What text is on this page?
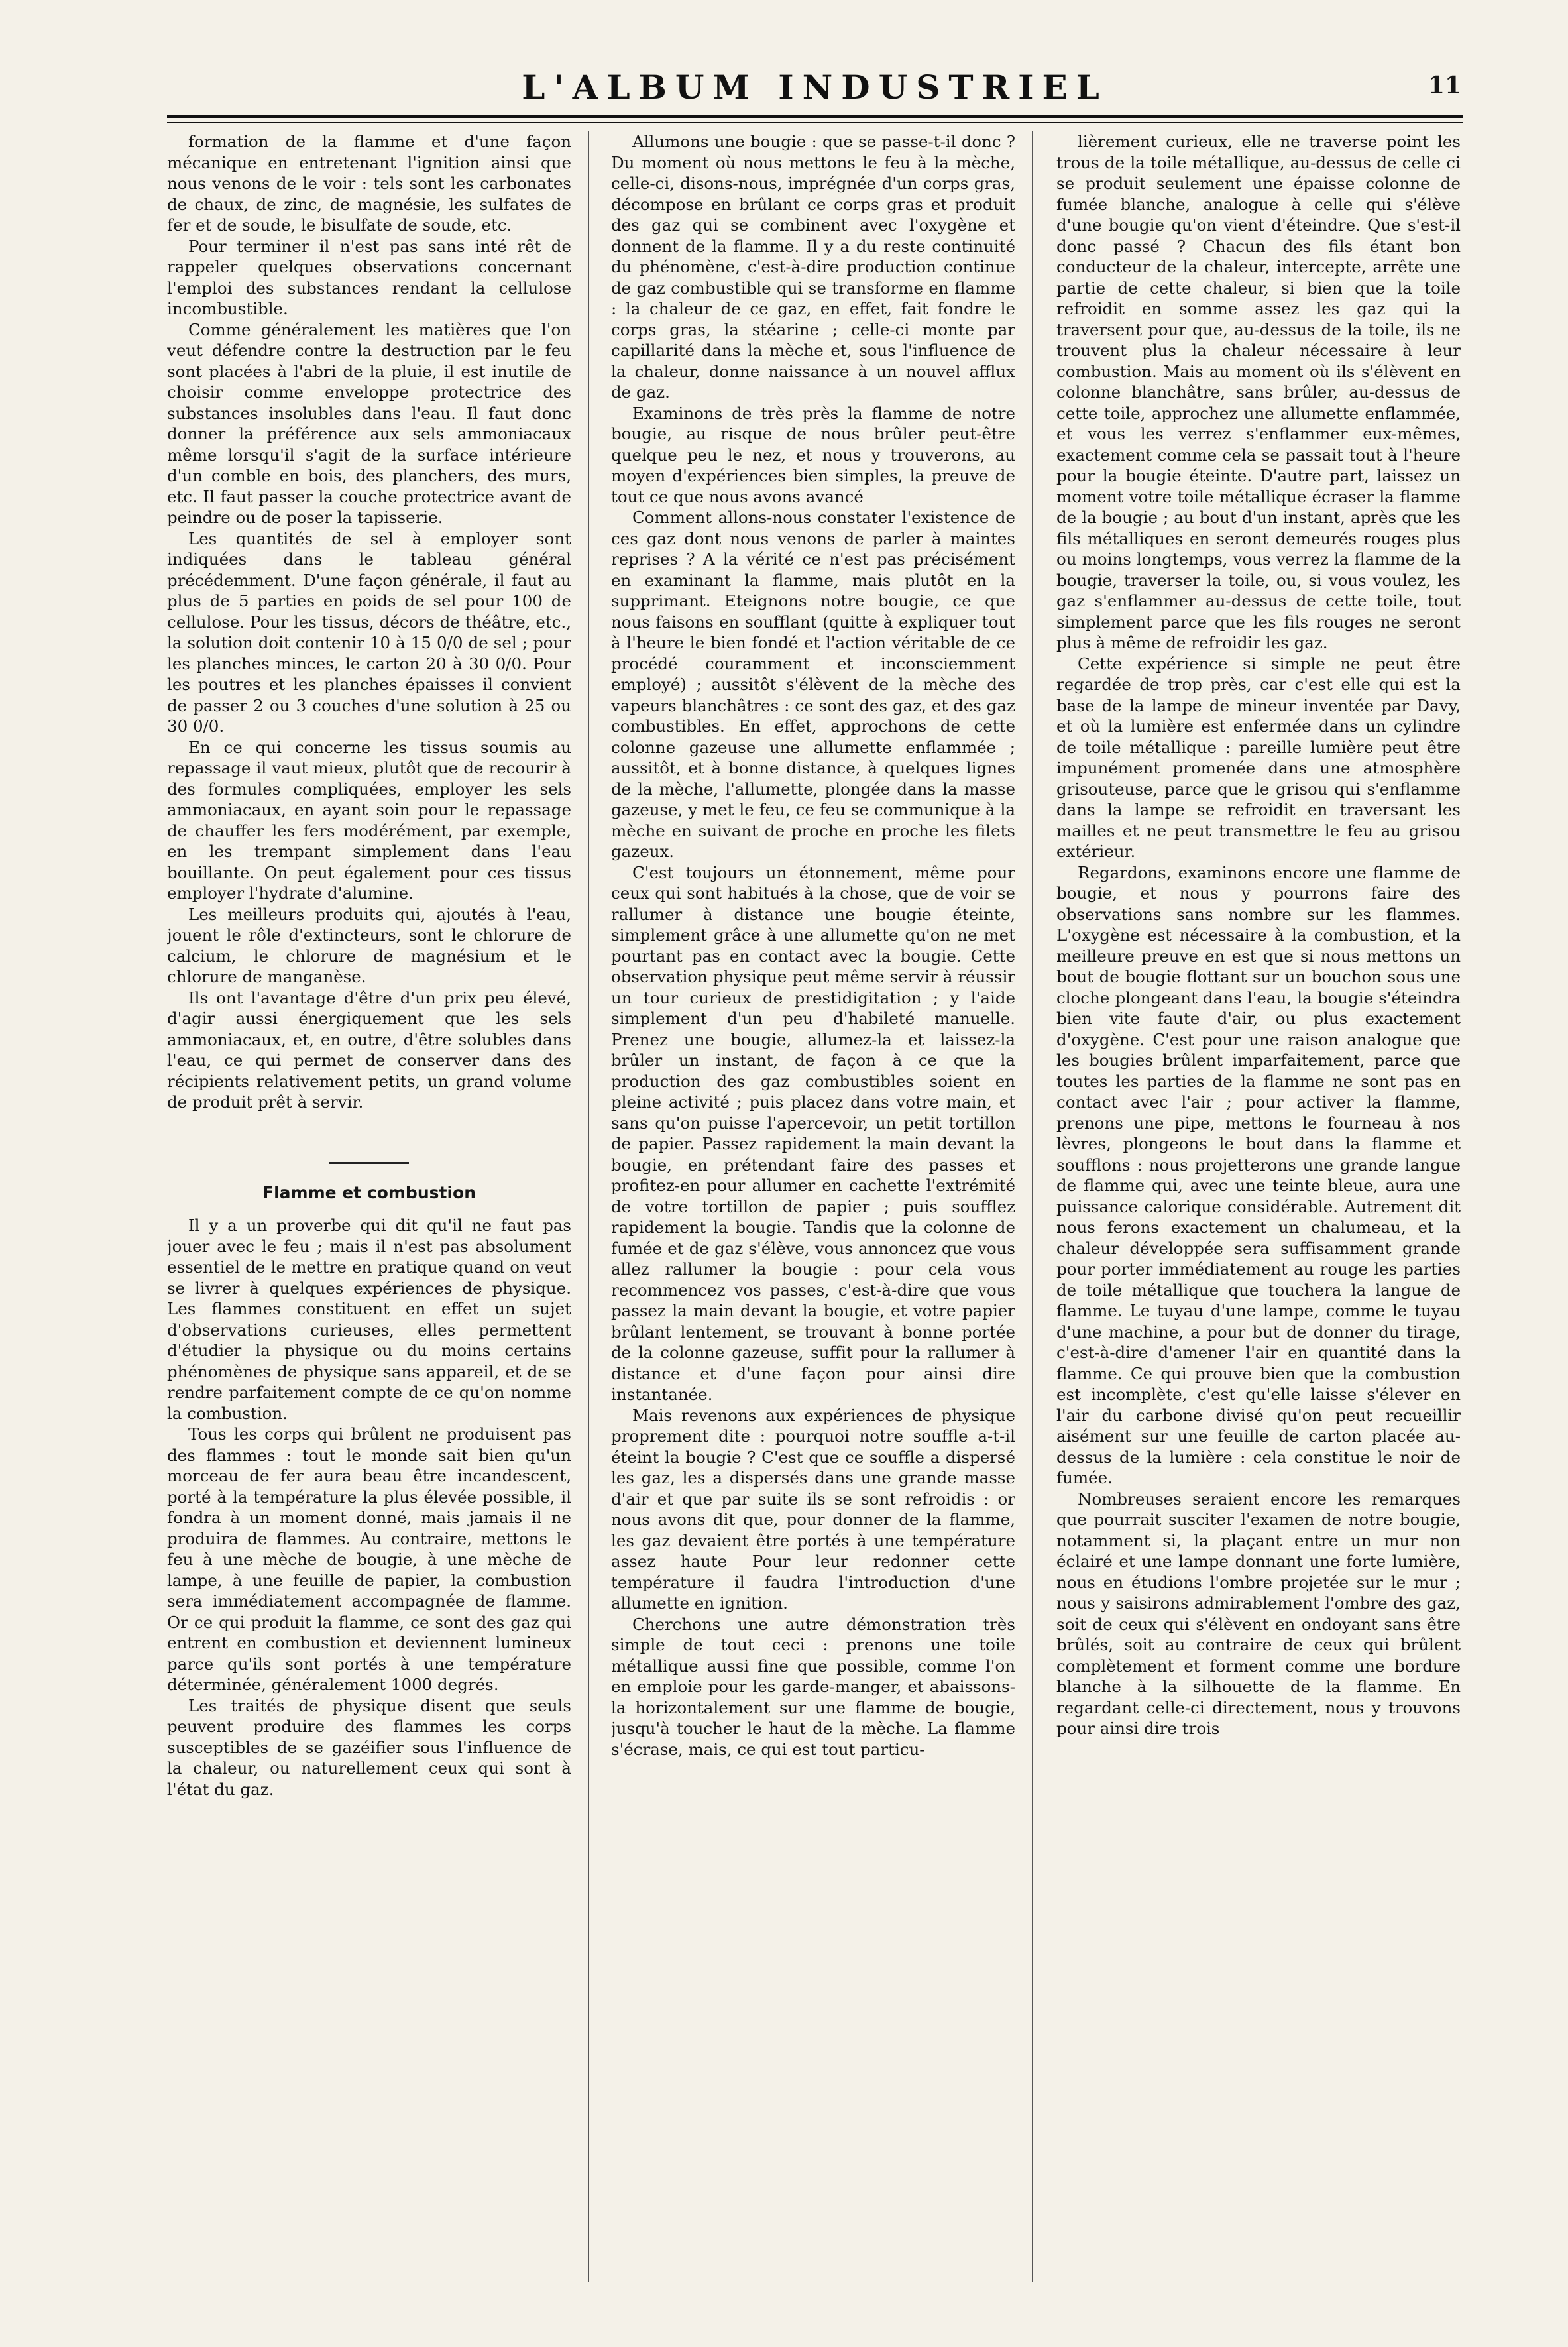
L'ALBUM INDUSTRIEL	11

formation de la flamme et d'une façon mécanique en entretenant l'ignition ainsi que nous venons de le voir : tels sont les carbonates de chaux, de zinc, de magnésie, les sulfates de fer et de soude, le bisulfate de soude, etc.

Pour terminer il n'est pas sans inté rêt de rappeler quelques observations concernant l'emploi des substances rendant la cellulose incombustible.

Comme généralement les matières que l'on veut défendre contre la destruction par le feu sont placées à l'abri de la pluie, il est inutile de choisir comme enveloppe protectrice des substances insolubles dans l'eau. Il faut donc donner la préférence aux sels ammoniacaux même lorsqu'il s'agit de la surface intérieure d'un comble en bois, des planchers, des murs, etc. Il faut passer la couche protectrice avant de peindre ou de poser la tapisserie.

Les quantités de sel à employer sont indiquées dans le tableau général précédemment. D'une façon générale, il faut au plus de 5 parties en poids de sel pour 100 de cellulose. Pour les tissus, décors de théâtre, etc., la solution doit contenir 10 à 15 0/0 de sel ; pour les planches minces, le carton 20 à 30 0/0. Pour les poutres et les planches épaisses il convient de passer 2 ou 3 couches d'une solution à 25 ou 30 0/0.

En ce qui concerne les tissus soumis au repassage il vaut mieux, plutôt que de recourir à des formules compliquées, employer les sels ammoniacaux, en ayant soin pour le repassage de chauffer les fers modérément, par exemple, en les trempant simplement dans l'eau bouillante. On peut également pour ces tissus employer l'hydrate d'alumine.

Les meilleurs produits qui, ajoutés à l'eau, jouent le rôle d'extincteurs, sont le chlorure de calcium, le chlorure de magnésium et le chlorure de manganèse.

Ils ont l'avantage d'être d'un prix peu élevé, d'agir aussi énergiquement que les sels ammoniacaux, et, en outre, d'être solubles dans l'eau, ce qui permet de conserver dans des récipients relativement petits, un grand volume de produit prêt à servir.

Flamme et combustion

Il y a un proverbe qui dit qu'il ne faut pas jouer avec le feu ; mais il n'est pas absolument essentiel de le mettre en pratique quand on veut se livrer à quelques expériences de physique. Les flammes constituent en effet un sujet d'observations curieuses, elles permettent d'étudier la physique ou du moins certains phénomènes de physique sans appareil, et de se rendre parfaitement compte de ce qu'on nomme la combustion.

Tous les corps qui brûlent ne produisent pas des flammes : tout le monde sait bien qu'un morceau de fer aura beau être incandescent, porté à la température la plus élevée possible, il fondra à un moment donné, mais jamais il ne produira de flammes. Au contraire, mettons le feu à une mèche de bougie, à une mèche de lampe, à une feuille de papier, la combustion sera immédiatement accompagnée de flamme. Or ce qui produit la flamme, ce sont des gaz qui entrent en combustion et deviennent lumineux parce qu'ils sont portés à une température déterminée, généralement 1000 degrés.

Les traités de physique disent que seuls peuvent produire des flammes les corps susceptibles de se gazéifier sous l'influence de la chaleur, ou naturellement ceux qui sont à l'état du gaz.

Allumons une bougie : que se passe-t-il donc ? Du moment où nous mettons le feu à la mèche, celle-ci, disons-nous, imprégnée d'un corps gras, décompose en brûlant ce corps gras et produit des gaz qui se combinent avec l'oxygène et donnent de la flamme. Il y a du reste continuité du phénomène, c'est-à-dire production continue de gaz combustible qui se transforme en flamme : la chaleur de ce gaz, en effet, fait fondre le corps gras, la stéarine ; celle-ci monte par capillarité dans la mèche et, sous l'influence de la chaleur, donne naissance à un nouvel afflux de gaz.

Examinons de très près la flamme de notre bougie, au risque de nous brûler peut-être quelque peu le nez, et nous y trouverons, au moyen d'expériences bien simples, la preuve de tout ce que nous avons avancé

Comment allons-nous constater l'existence de ces gaz dont nous venons de parler à maintes reprises ? A la vérité ce n'est pas précisément en examinant la flamme, mais plutôt en la supprimant. Eteignons notre bougie, ce que nous faisons en soufflant (quitte à expliquer tout à l'heure le bien fondé et l'action véritable de ce procédé couramment et inconsciemment employé) ; aussitôt s'élèvent de la mèche des vapeurs blanchâtres : ce sont des gaz, et des gaz combustibles. En effet, approchons de cette colonne gazeuse une allumette enflammée ; aussitôt, et à bonne distance, à quelques lignes de la mèche, l'allumette, plongée dans la masse gazeuse, y met le feu, ce feu se communique à la mèche en suivant de proche en proche les filets gazeux.

C'est toujours un étonnement, même pour ceux qui sont habitués à la chose, que de voir se rallumer à distance une bougie éteinte, simplement grâce à une allumette qu'on ne met pourtant pas en contact avec la bougie. Cette observation physique peut même servir à réussir un tour curieux de prestidigitation ; y l'aide simplement d'un peu d'habileté manuelle. Prenez une bougie, allumez-la et laissez-la brûler un instant, de façon à ce que la production des gaz combustibles soient en pleine activité ; puis placez dans votre main, et sans qu'on puisse l'apercevoir, un petit tortillon de papier. Passez rapidement la main devant la bougie, en prétendant faire des passes et profitez-en pour allumer en cachette l'extrémité de votre tortillon de papier ; puis soufflez rapidement la bougie. Tandis que la colonne de fumée et de gaz s'élève, vous annoncez que vous allez rallumer la bougie : pour cela vous recommencez vos passes, c'est-à-dire que vous passez la main devant la bougie, et votre papier brûlant lentement, se trouvant à bonne portée de la colonne gazeuse, suffit pour la rallumer à distance et d'une façon pour ainsi dire instantanée.

Mais revenons aux expériences de physique proprement dite : pourquoi notre souffle a-t-il éteint la bougie ? C'est que ce souffle a dispersé les gaz, les a dispersés dans une grande masse d'air et que par suite ils se sont refroidis : or nous avons dit que, pour donner de la flamme, les gaz devaient être portés à une température assez haute Pour leur redonner cette température il faudra l'introduction d'une allumette en ignition.

Cherchons une autre démonstration très simple de tout ceci : prenons une toile métallique aussi fine que possible, comme l'on en emploie pour les garde-manger, et abaissons-la horizontalement sur une flamme de bougie, jusqu'à toucher le haut de la mèche. La flamme s'écrase, mais, ce qui est tout particu-

lièrement curieux, elle ne traverse point les trous de la toile métallique, au-dessus de celle ci se produit seulement une épaisse colonne de fumée blanche, analogue à celle qui s'élève d'une bougie qu'on vient d'éteindre. Que s'est-il donc passé ? Chacun des fils étant bon conducteur de la chaleur, intercepte, arrête une partie de cette chaleur, si bien que la toile refroidit en somme assez les gaz qui la traversent pour que, au-dessus de la toile, ils ne trouvent plus la chaleur nécessaire à leur combustion. Mais au moment où ils s'élèvent en colonne blanchâtre, sans brûler, au-dessus de cette toile, approchez une allumette enflammée, et vous les verrez s'enflammer eux-mêmes, exactement comme cela se passait tout à l'heure pour la bougie éteinte. D'autre part, laissez un moment votre toile métallique écraser la flamme de la bougie ; au bout d'un instant, après que les fils métalliques en seront demeurés rouges plus ou moins longtemps, vous verrez la flamme de la bougie, traverser la toile, ou, si vous voulez, les gaz s'enflammer au-dessus de cette toile, tout simplement parce que les fils rouges ne seront plus à même de refroidir les gaz.

Cette expérience si simple ne peut être regardée de trop près, car c'est elle qui est la base de la lampe de mineur inventée par Davy, et où la lumière est enfermée dans un cylindre de toile métallique : pareille lumière peut être impunément promenée dans une atmosphère grisouteuse, parce que le grisou qui s'enflamme dans la lampe se refroidit en traversant les mailles et ne peut transmettre le feu au grisou extérieur.

Regardons, examinons encore une flamme de bougie, et nous y pourrons faire des observations sans nombre sur les flammes. L'oxygène est nécessaire à la combustion, et la meilleure preuve en est que si nous mettons un bout de bougie flottant sur un bouchon sous une cloche plongeant dans l'eau, la bougie s'éteindra bien vite faute d'air, ou plus exactement d'oxygène. C'est pour une raison analogue que les bougies brûlent imparfaitement, parce que toutes les parties de la flamme ne sont pas en contact avec l'air ; pour activer la flamme, prenons une pipe, mettons le fourneau à nos lèvres, plongeons le bout dans la flamme et soufflons : nous projetterons une grande langue de flamme qui, avec une teinte bleue, aura une puissance calorique considérable. Autrement dit nous ferons exactement un chalumeau, et la chaleur développée sera suffisamment grande pour porter immédiatement au rouge les parties de toile métallique que touchera la langue de flamme. Le tuyau d'une lampe, comme le tuyau d'une machine, a pour but de donner du tirage, c'est-à-dire d'amener l'air en quantité dans la flamme. Ce qui prouve bien que la combustion est incomplète, c'est qu'elle laisse s'élever en l'air du carbone divisé qu'on peut recueillir aisément sur une feuille de carton placée au-dessus de la lumière : cela constitue le noir de fumée.

Nombreuses seraient encore les remarques que pourrait susciter l'examen de notre bougie, notamment si, la plaçant entre un mur non éclairé et une lampe donnant une forte lumière, nous en étudions l'ombre projetée sur le mur ; nous y saisirons admirablement l'ombre des gaz, soit de ceux qui s'élèvent en ondoyant sans être brûlés, soit au contraire de ceux qui brûlent complètement et forment comme une bordure blanche à la silhouette de la flamme. En regardant celle-ci directement, nous y trouvons pour ainsi dire trois
